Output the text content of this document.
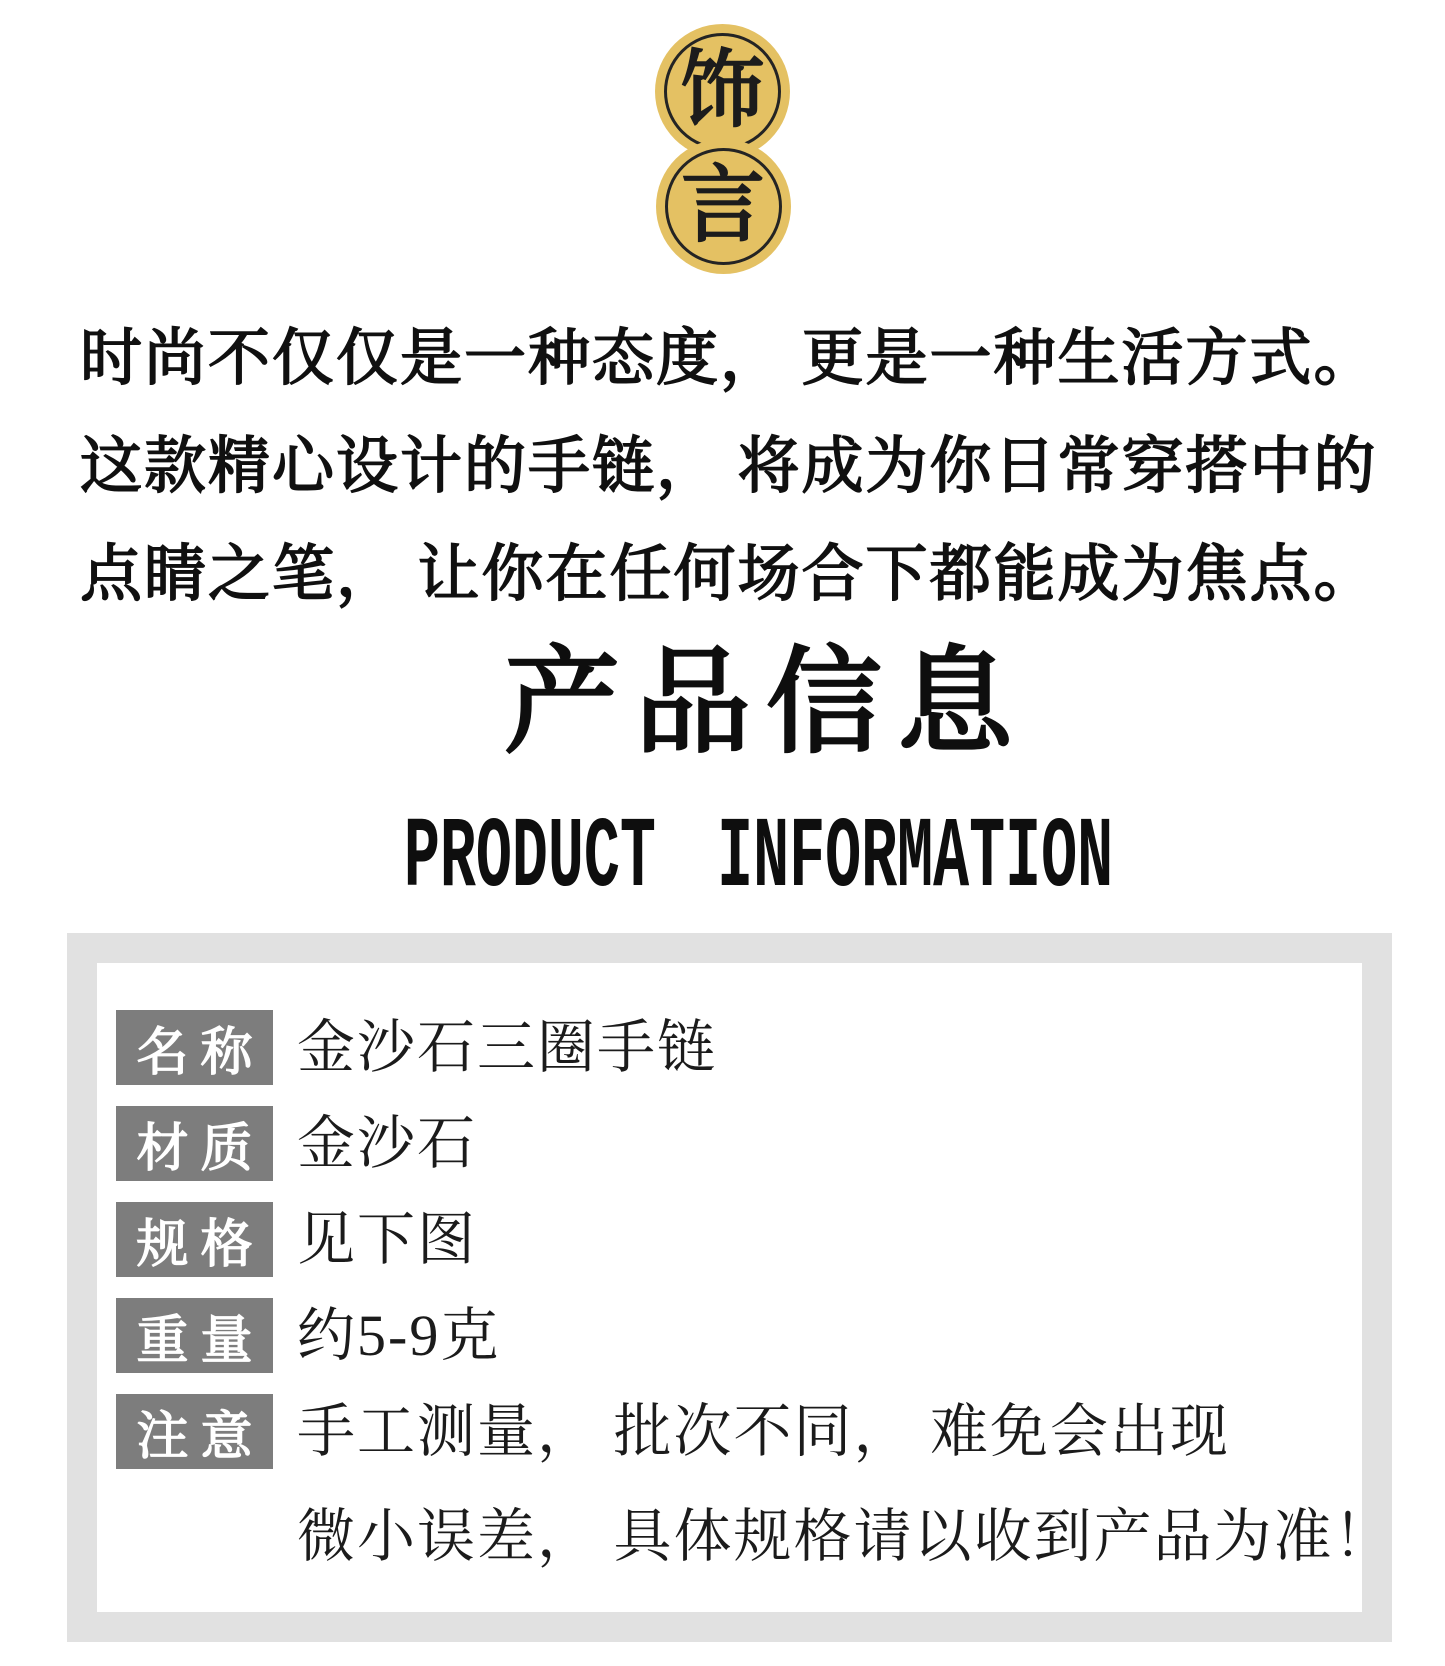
饰
言
时尚不仅仅是一种态度， 更是一种生活方式。
这款精心设计的手链， 将成为你日常穿搭中的
点睛之笔， 让你在任何场合下都能成为焦点。
产品信息
PRODUCT INFORMATION
名称 金沙石三圈手链
材质 金沙石
规格 见下图
重量 约5-9克
注意 手工测量， 批次不同， 难免会出现
微小误差， 具体规格请以收到产品为准！
